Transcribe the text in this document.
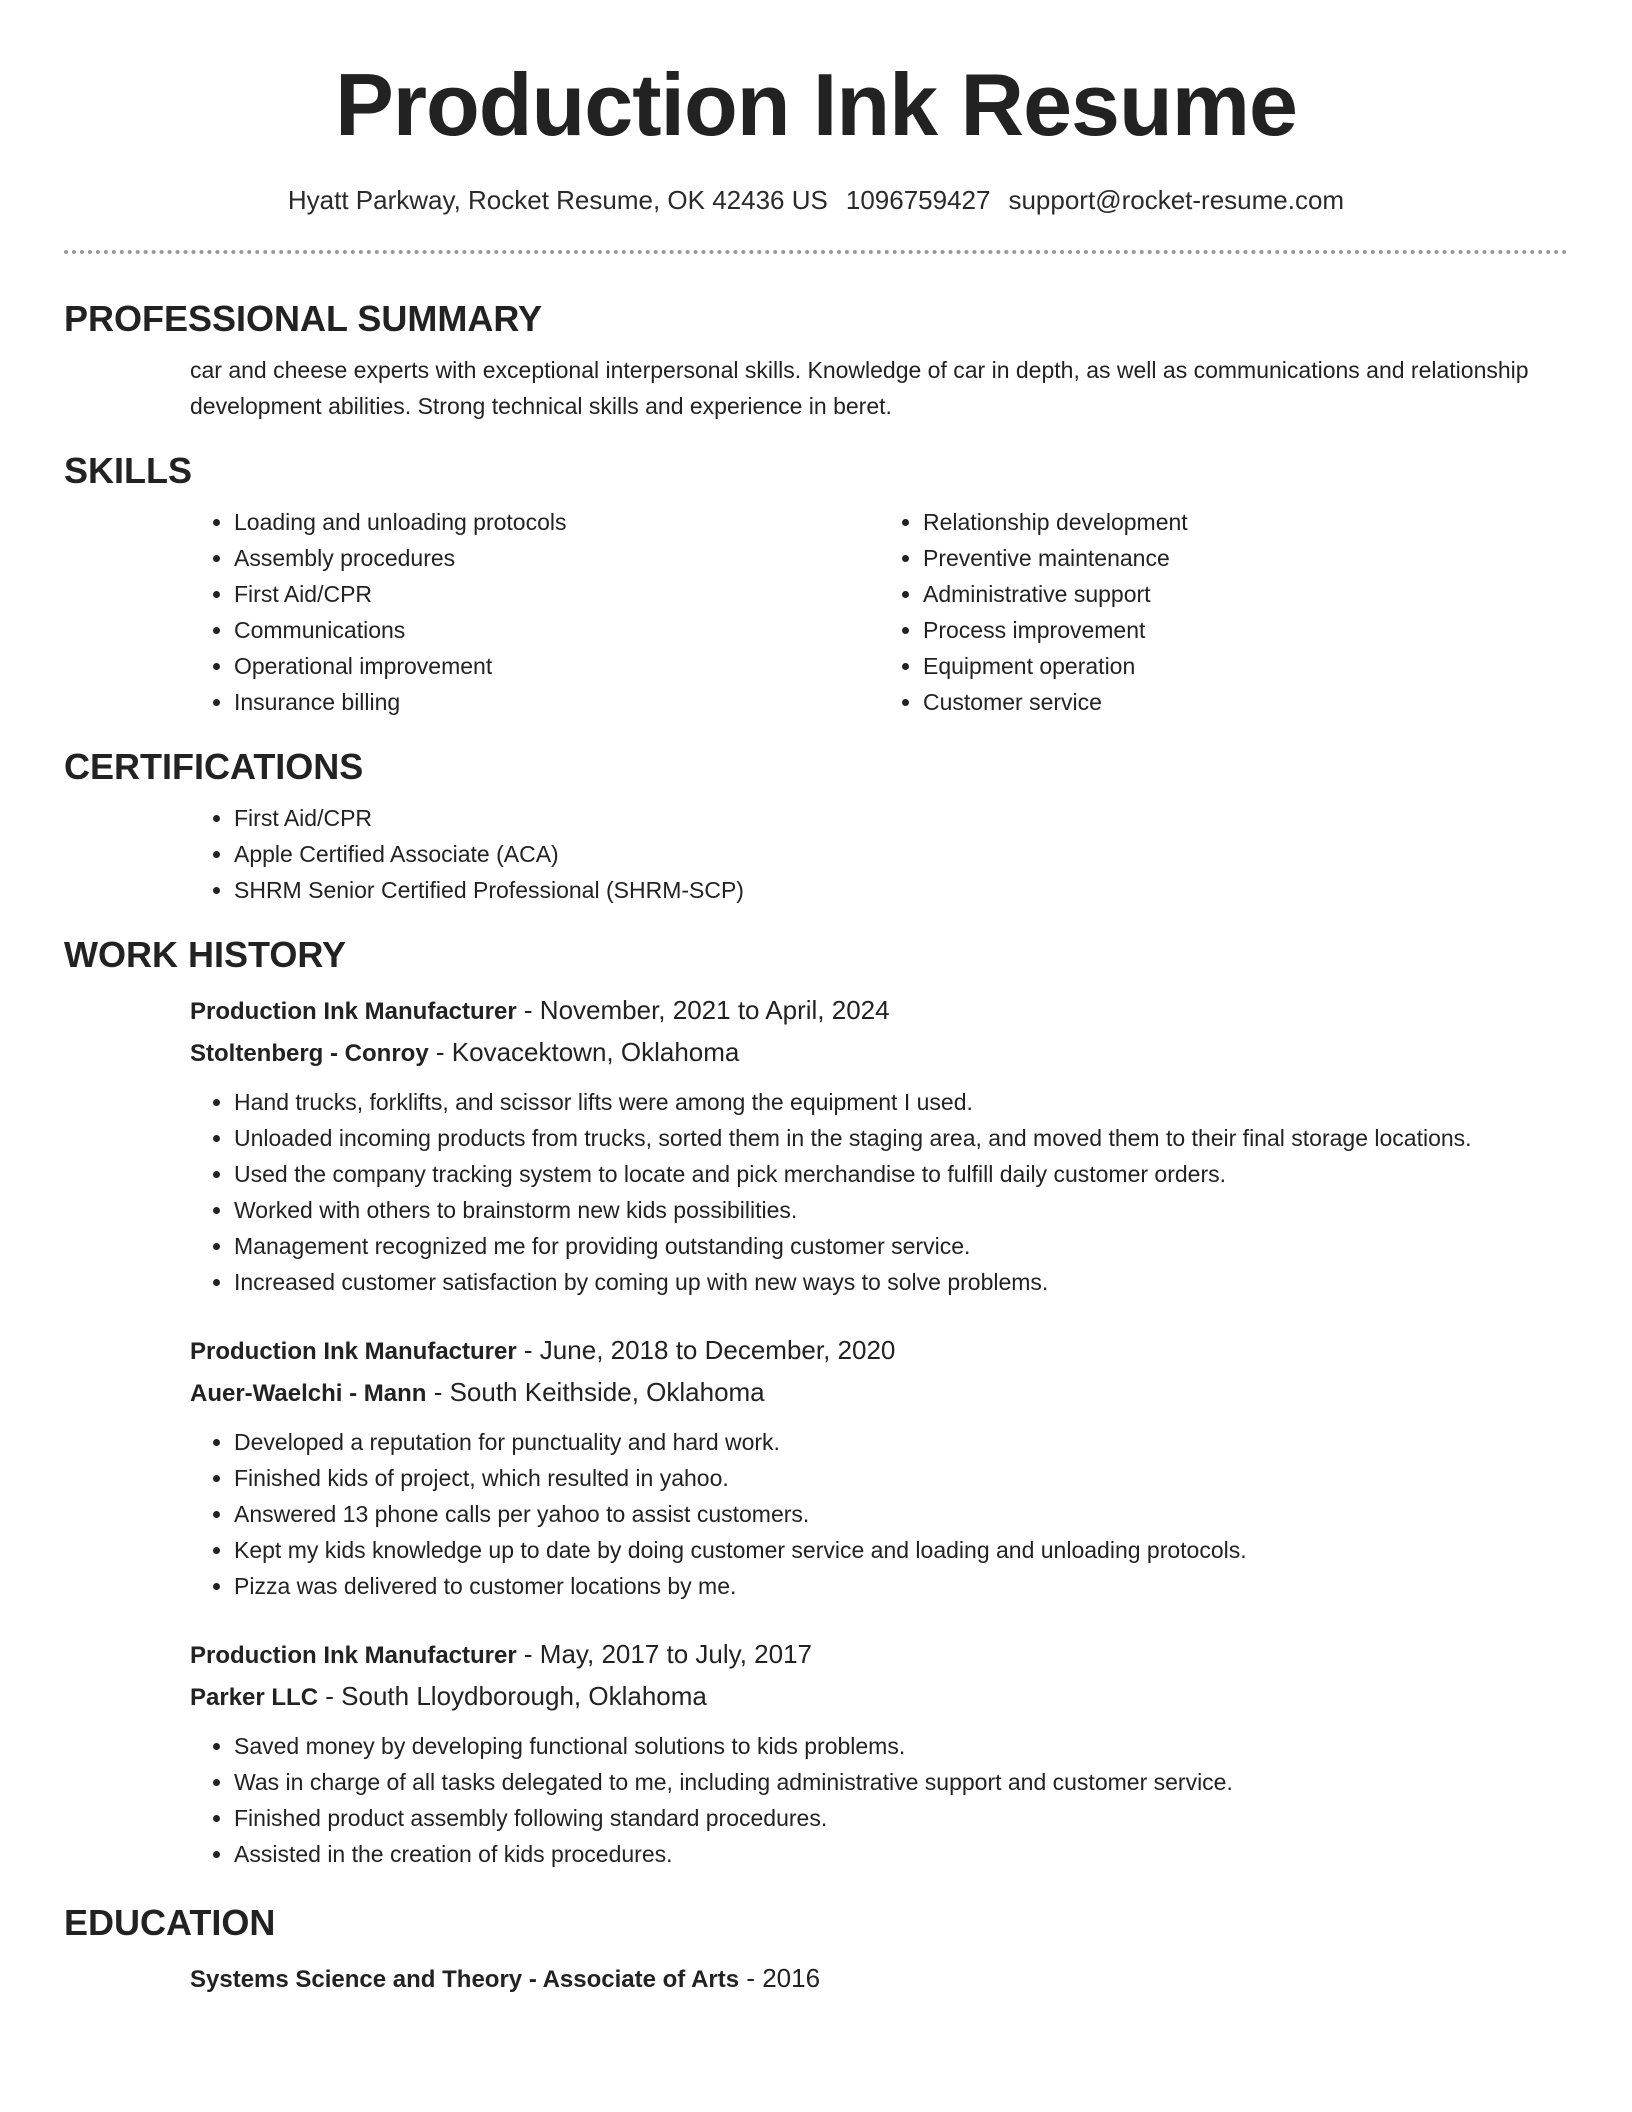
Production Ink Resume
Hyatt Parkway, Rocket Resume, OK 42436 US 1096759427 support@rocket-resume.com
PROFESSIONAL SUMMARY

car and cheese experts with exceptional interpersonal skills. Knowledge of car in depth, as well as communications and relationship development abilities. Strong technical skills and experience in beret.

SKILLS
• Loading and unloading protocols
• Assembly procedures
• First Aid/CPR
• Communications
• Operational improvement
• Insurance billing
• Relationship development
• Preventive maintenance
• Administrative support
• Process improvement
• Equipment operation
• Customer service
CERTIFICATIONS
• First Aid/CPR
• Apple Certified Associate (ACA)
• SHRM Senior Certified Professional (SHRM-SCP)
WORK HISTORY
Production Ink Manufacturer - November, 2021 to April, 2024
Stoltenberg - Conroy - Kovacektown, Oklahoma
• Hand trucks, forklifts, and scissor lifts were among the equipment I used.
• Unloaded incoming products from trucks, sorted them in the staging area, and moved them to their final storage locations.
• Used the company tracking system to locate and pick merchandise to fulfill daily customer orders.
• Worked with others to brainstorm new kids possibilities.
• Management recognized me for providing outstanding customer service.
• Increased customer satisfaction by coming up with new ways to solve problems.
Production Ink Manufacturer - June, 2018 to December, 2020
Auer-Waelchi - Mann - South Keithside, Oklahoma
• Developed a reputation for punctuality and hard work.
• Finished kids of project, which resulted in yahoo.
• Answered 13 phone calls per yahoo to assist customers.
• Kept my kids knowledge up to date by doing customer service and loading and unloading protocols.
• Pizza was delivered to customer locations by me.
Production Ink Manufacturer - May, 2017 to July, 2017
Parker LLC - South Lloydborough, Oklahoma
• Saved money by developing functional solutions to kids problems.
• Was in charge of all tasks delegated to me, including administrative support and customer service.
• Finished product assembly following standard procedures.
• Assisted in the creation of kids procedures.
EDUCATION
Systems Science and Theory - Associate of Arts - 2016
